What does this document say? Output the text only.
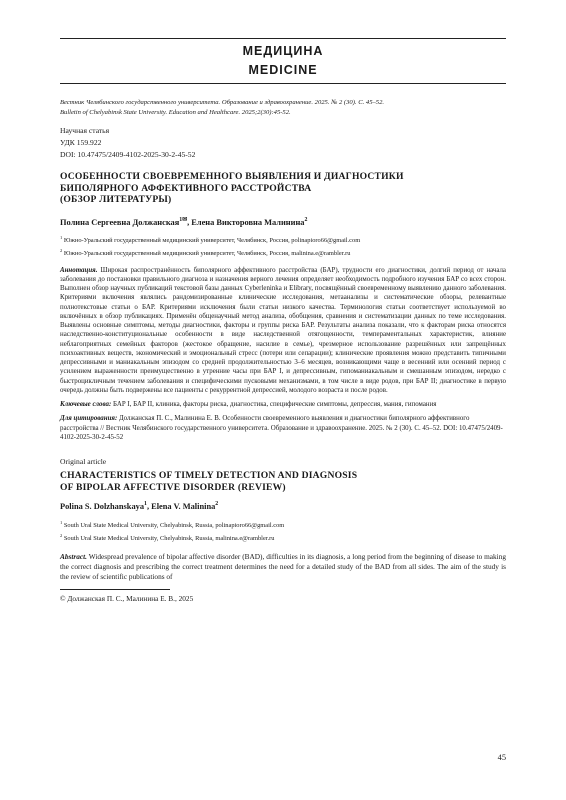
МЕДИЦИНА
MEDICINE
Вестник Челябинского государственного университета. Образование и здравоохранение. 2025. № 2 (30). С. 45–52.
Bulletin of Chelyabinsk State University. Education and Healthcare. 2025;2(30):45-52.
Научная статья
УДК 159.922
DOI: 10.47475/2409-4102-2025-30-2-45-52
ОСОБЕННОСТИ СВОЕВРЕМЕННОГО ВЫЯВЛЕНИЯ И ДИАГНОСТИКИ
БИПОЛЯРНОГО АФФЕКТИВНОГО РАССТРОЙСТВА
(ОБЗОР ЛИТЕРАТУРЫ)
Полина Сергеевна Должанская$^{1✉}$, Елена Викторовна Малинина$^2$
$^1$ Южно-Уральский государственный медицинский университет, Челябинск, Россия, polinapioro66@gmail.com
$^2$ Южно-Уральский государственный медицинский университет, Челябинск, Россия, malinina.e@rambler.ru
Аннотация. Широкая распространённость биполярного аффективного расстройства (БАР), трудности его диагностики, долгий период от начала заболевания до постановки правильного диагноза и назначения верного лечения определяет необходимость подробного изучения БАР со всех сторон. Выполнен обзор научных публикаций текстовой базы данных Cyberleninka и Elibrary, посвящённый своевременному выявлению данного заболевания. Критериями включения являлись рандомизированные клинические исследования, метаанализы и систематические обзоры, релевантные полнотекстовые статьи о БАР. Критериями исключения были статьи низкого качества. Терминология статьи соответствует используемой во включённых в обзор публикациях. Применён общенаучный метод анализа, обобщения, сравнения и систематизации данных по теме исследования. Выявлены основные симптомы, методы диагностики, факторы и группы риска БАР. Результаты анализа показали, что к факторам риска относятся наследственно-конституциональные особенности в виде наследственной отягощенности, темпераментальных характеристик, влияние неблагоприятных семейных факторов (жестокое обращение, насилие в семье), чрезмерное использование разрешённых или запрещённых психоактивных веществ, экономический и эмоциональный стресс (потери или сепарации); клинические проявления можно представить типичными депрессивными и маниакальным эпизодом со средней продолжительностью 3–6 месяцев, возникающими чаще в весенний или осенний период с усилением выраженности преимущественно в утренние часы при БАР I, и депрессивным, гипоманиакальным и смешанным эпизодом, нередко с быстроцикличным течением заболевания и специфическими пусковыми механизмами, в том числе в виде родов, при БАР II; диагностике в первую очередь должны быть подвержены все пациенты с рекуррентной депрессией, молодого возраста и после родов.
Ключевые слова: БАР I, БАР II, клиника, факторы риска, диагностика, специфические симптомы, депрессия, мания, гипомания
Для цитирования: Должанская П. С., Малинина Е. В. Особенности своевременного выявления и диагностики биполярного аффективного расстройства // Вестник Челябинского государственного университета. Образование и здравоохранение. 2025. № 2 (30). С. 45–52. DOI: 10.47475/2409-4102-2025-30-2-45-52
Original article
CHARACTERISTICS OF TIMELY DETECTION AND DIAGNOSIS
OF BIPOLAR AFFECTIVE DISORDER (REVIEW)
Polina S. Dolzhanskaya$^1$, Elena V. Malinina$^2$
$^1$ South Ural State Medical University, Chelyabinsk, Russia, polinapioro66@gmail.com
$^2$ South Ural State Medical University, Chelyabinsk, Russia, malinina.e@rambler.ru
Abstract. Widespread prevalence of bipolar affective disorder (BAD), difficulties in its diagnosis, a long period from the beginning of disease to making the correct diagnosis and prescribing the correct treatment determines the need for a detailed study of the BAD from all sides. The aim of the study is the review of scientific publications of
© Должанская П. С., Малинина Е. В., 2025
45
